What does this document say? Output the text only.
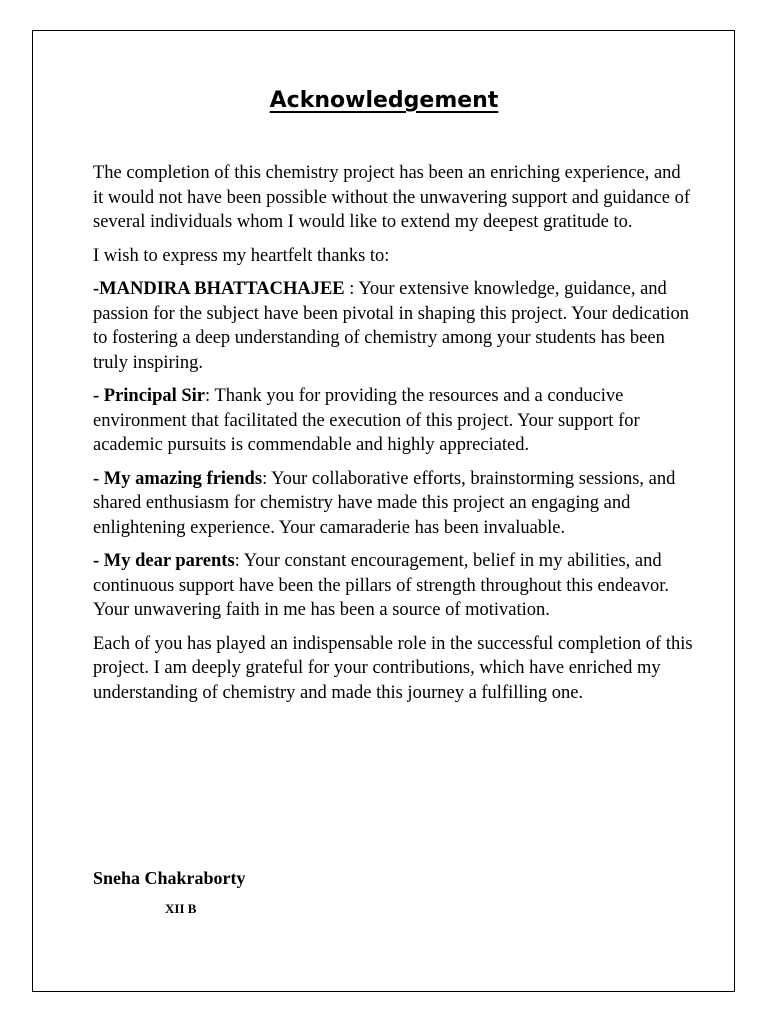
Acknowledgement

The completion of this chemistry project has been an enriching experience, and it would not have been possible without the unwavering support and guidance of several individuals whom I would like to extend my deepest gratitude to.

I wish to express my heartfelt thanks to:

-MANDIRA BHATTACHAJEE : Your extensive knowledge, guidance, and passion for the subject have been pivotal in shaping this project. Your dedication to fostering a deep understanding of chemistry among your students has been truly inspiring.

- Principal Sir: Thank you for providing the resources and a conducive environment that facilitated the execution of this project. Your support for academic pursuits is commendable and highly appreciated.

- My amazing friends: Your collaborative efforts, brainstorming sessions, and shared enthusiasm for chemistry have made this project an engaging and enlightening experience. Your camaraderie has been invaluable.

- My dear parents: Your constant encouragement, belief in my abilities, and continuous support have been the pillars of strength throughout this endeavor. Your unwavering faith in me has been a source of motivation.

Each of you has played an indispensable role in the successful completion of this project. I am deeply grateful for your contributions, which have enriched my understanding of chemistry and made this journey a fulfilling one.

Sneha Chakraborty
XII B
